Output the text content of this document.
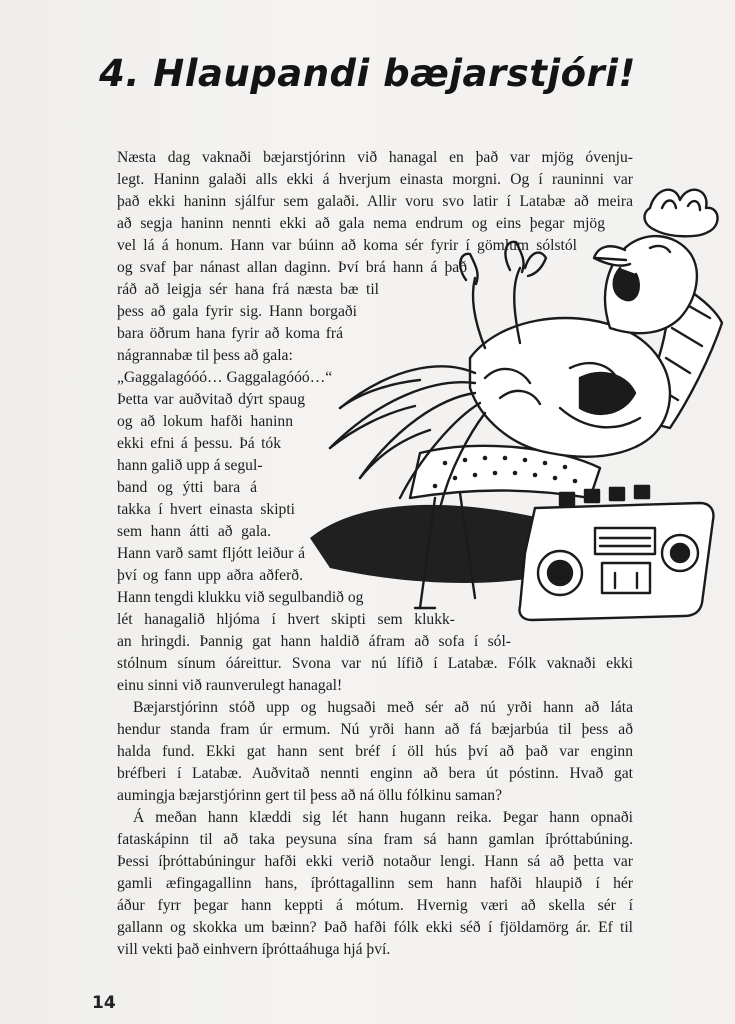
4. Hlaupandi bæjarstjóri!
Næsta dag vaknaði bæjarstjórinn við hanagal en það var mjög óvenju-
legt. Haninn galaði alls ekki á hverjum einasta morgni. Og í rauninni var
það ekki haninn sjálfur sem galaði. Allir voru svo latir í Latabæ að meira
að segja haninn nennti ekki að gala nema endrum og eins þegar mjög
vel lá á honum. Hann var búinn að koma sér fyrir í gömlum sólstól
og svaf þar nánast allan daginn. Því brá hann á það
ráð að leigja sér hana frá næsta bæ til
þess að gala fyrir sig. Hann borgaði
bara öðrum hana fyrir að koma frá
nágrannabæ til þess að gala:
„Gaggalagóóó… Gaggalagóóó…“
Þetta var auðvitað dýrt spaug
og að lokum hafði haninn
ekki efni á þessu. Þá tók
hann galið upp á segul-
band og ýtti bara á
takka í hvert einasta skipti
sem hann átti að gala.
Hann varð samt fljótt leiður á
því og fann upp aðra aðferð.
Hann tengdi klukku við segulbandið og
lét hanagalið hljóma í hvert skipti sem klukk-
an hringdi. Þannig gat hann haldið áfram að sofa í sól-
stólnum sínum óáreittur. Svona var nú lífið í Latabæ. Fólk vaknaði ekki
einu sinni við raunverulegt hanagal!
Bæjarstjórinn stóð upp og hugsaði með sér að nú yrði hann að láta
hendur standa fram úr ermum. Nú yrði hann að fá bæjarbúa til þess að
halda fund. Ekki gat hann sent bréf í öll hús því að það var enginn
bréfberi í Latabæ. Auðvitað nennti enginn að bera út póstinn. Hvað gat
aumingja bæjarstjórinn gert til þess að ná öllu fólkinu saman?
Á meðan hann klæddi sig lét hann hugann reika. Þegar hann opnaði
fataskápinn til að taka peysuna sína fram sá hann gamlan íþróttabúning.
Þessi íþróttabúningur hafði ekki verið notaður lengi. Hann sá að þetta var
gamli æfingagallinn hans, íþróttagallinn sem hann hafði hlaupið í hér
áður fyrr þegar hann keppti á mótum. Hvernig væri að skella sér í
gallann og skokka um bæinn? Það hafði fólk ekki séð í fjöldamörg ár. Ef til
vill vekti það einhvern íþróttaáhuga hjá því.
14
